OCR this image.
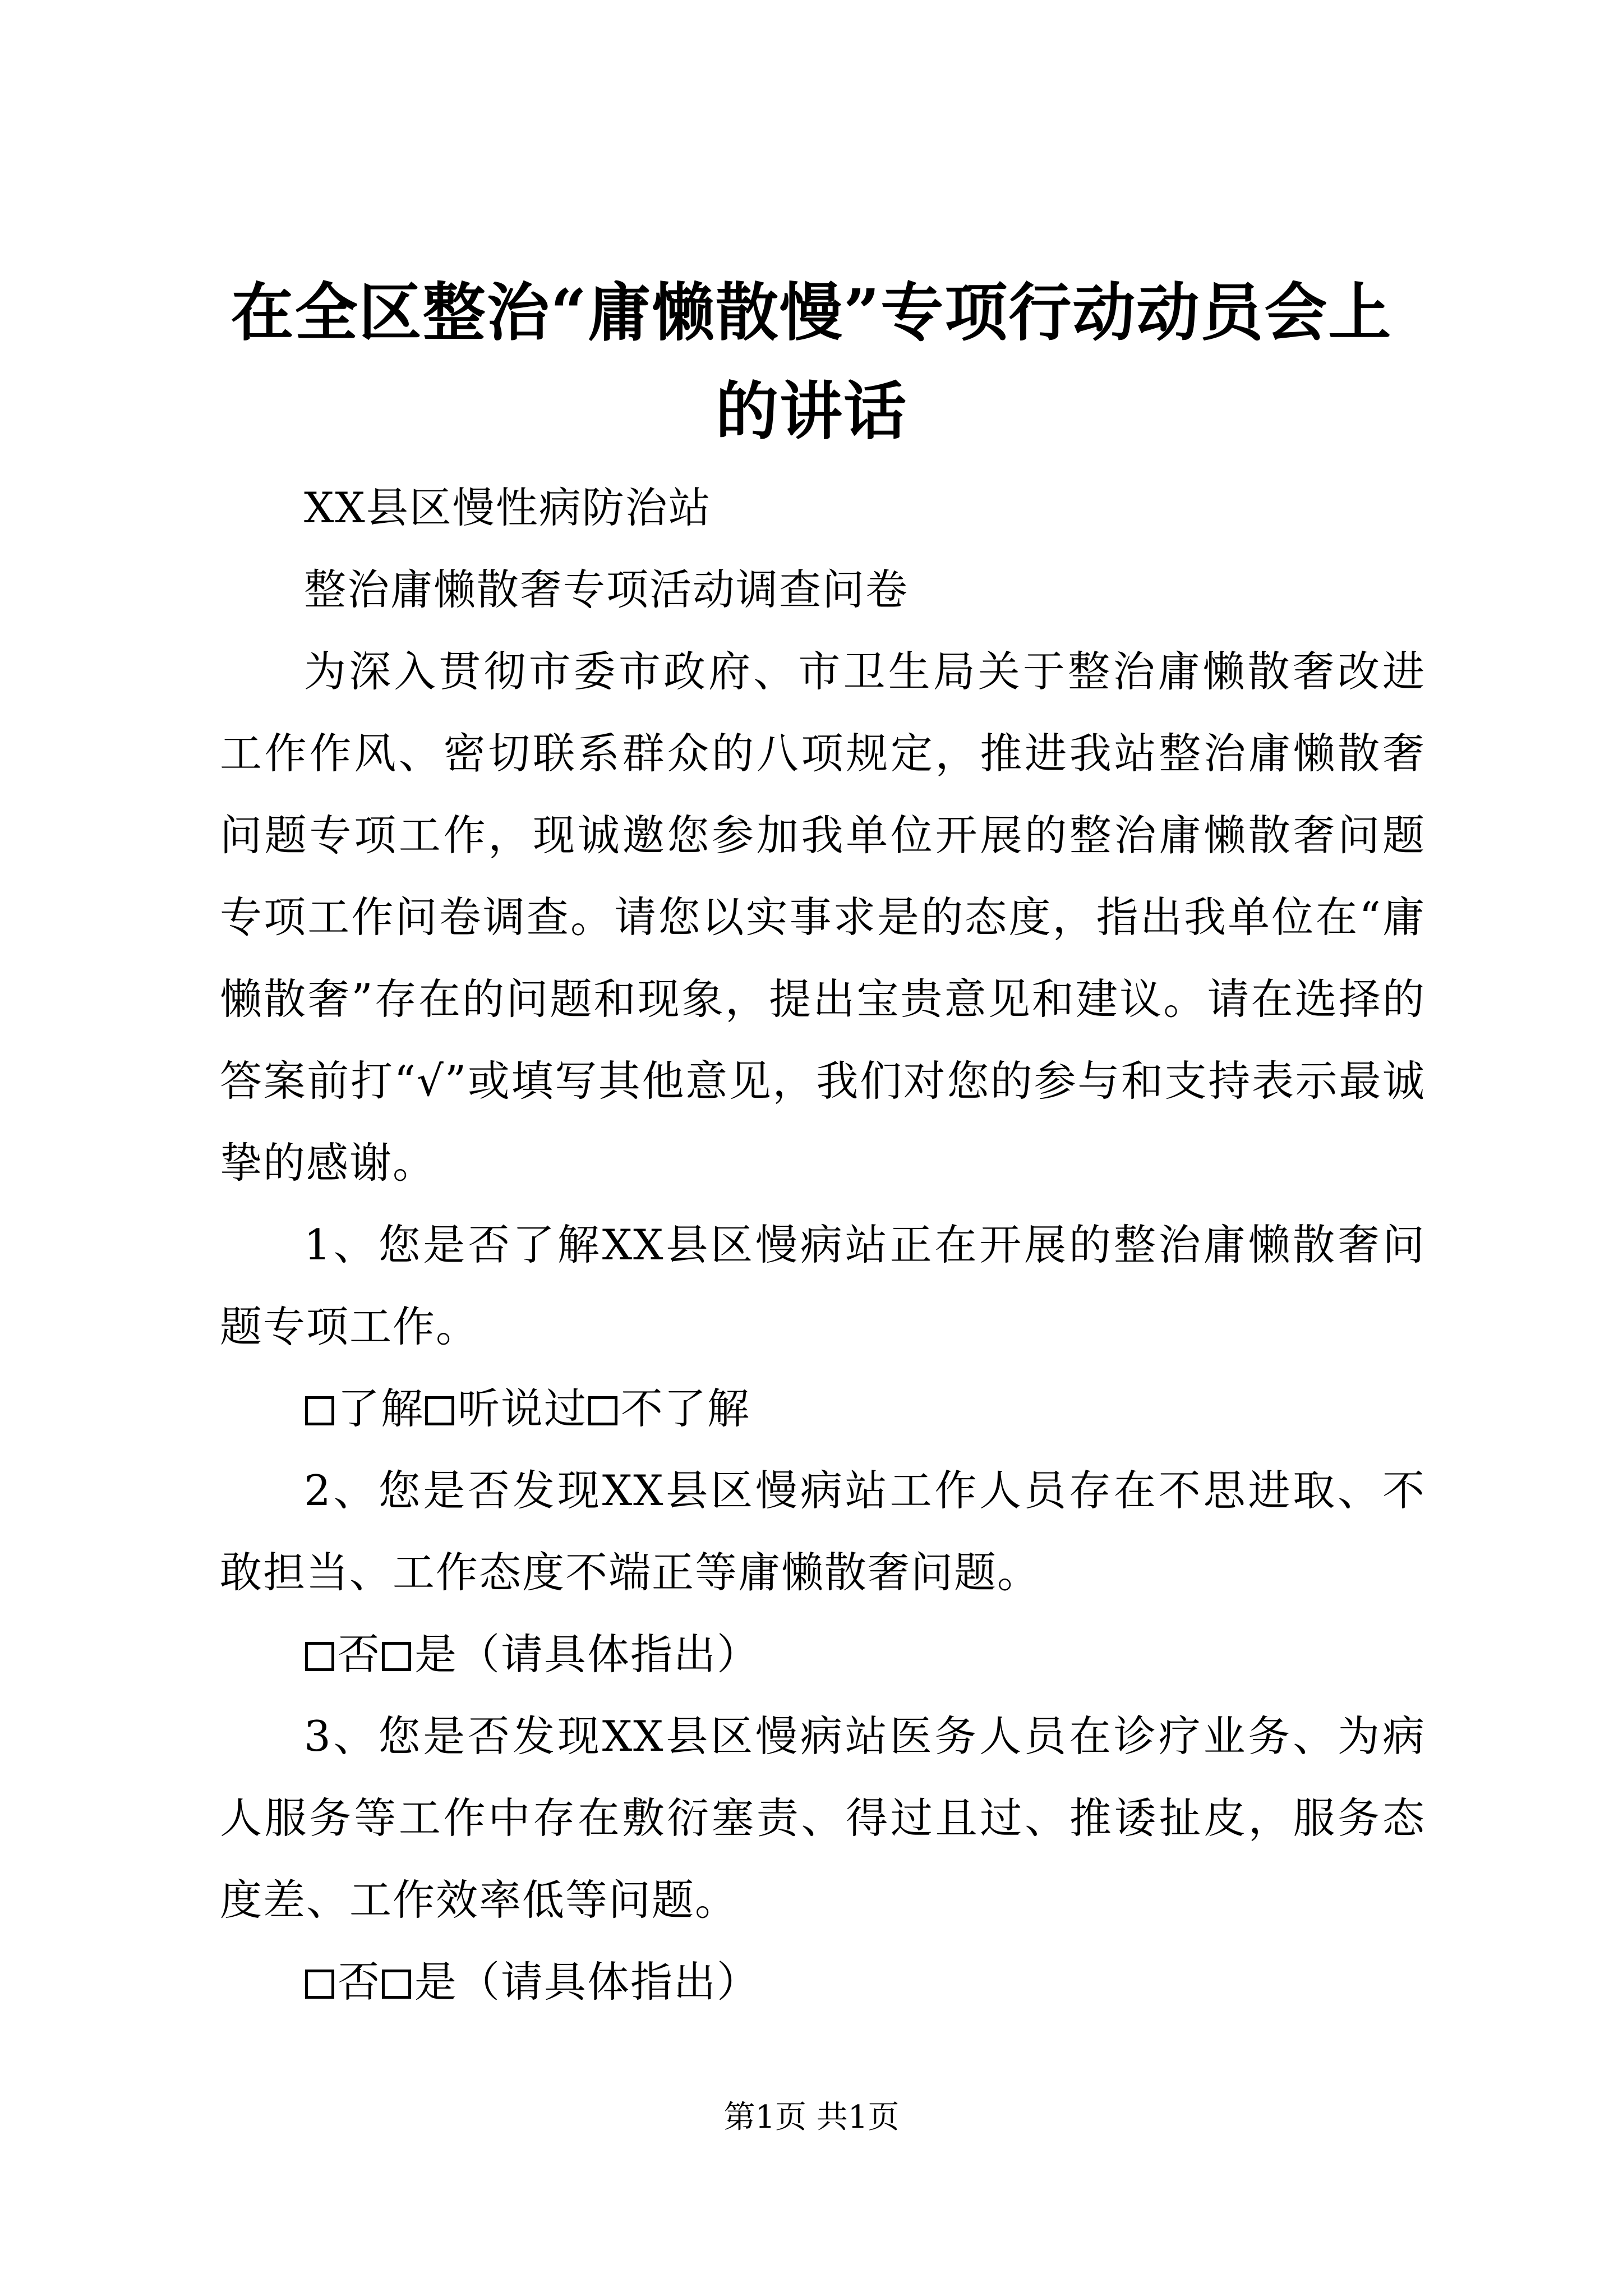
在全区整治“庸懒散慢”专项行动动员会上的讲话

XX县区慢性病防治站

整治庸懒散奢专项活动调查问卷

为深入贯彻市委市政府、市卫生局关于整治庸懒散奢改进工作作风、密切联系群众的八项规定，推进我站整治庸懒散奢问题专项工作，现诚邀您参加我单位开展的整治庸懒散奢问题专项工作问卷调查。请您以实事求是的态度，指出我单位在“庸懒散奢”存在的问题和现象，提出宝贵意见和建议。请在选择的答案前打“√”或填写其他意见，我们对您的参与和支持表示最诚挚的感谢。

1、您是否了解XX县区慢病站正在开展的整治庸懒散奢问题专项工作。

了解 听说过 不了解

2、您是否发现XX县区慢病站工作人员存在不思进取、不敢担当、工作态度不端正等庸懒散奢问题。

否 是（请具体指出）

3、您是否发现XX县区慢病站医务人员在诊疗业务、为病人服务等工作中存在敷衍塞责、得过且过、推诿扯皮，服务态度差、工作效率低等问题。

否 是（请具体指出）

第1页 共1页
